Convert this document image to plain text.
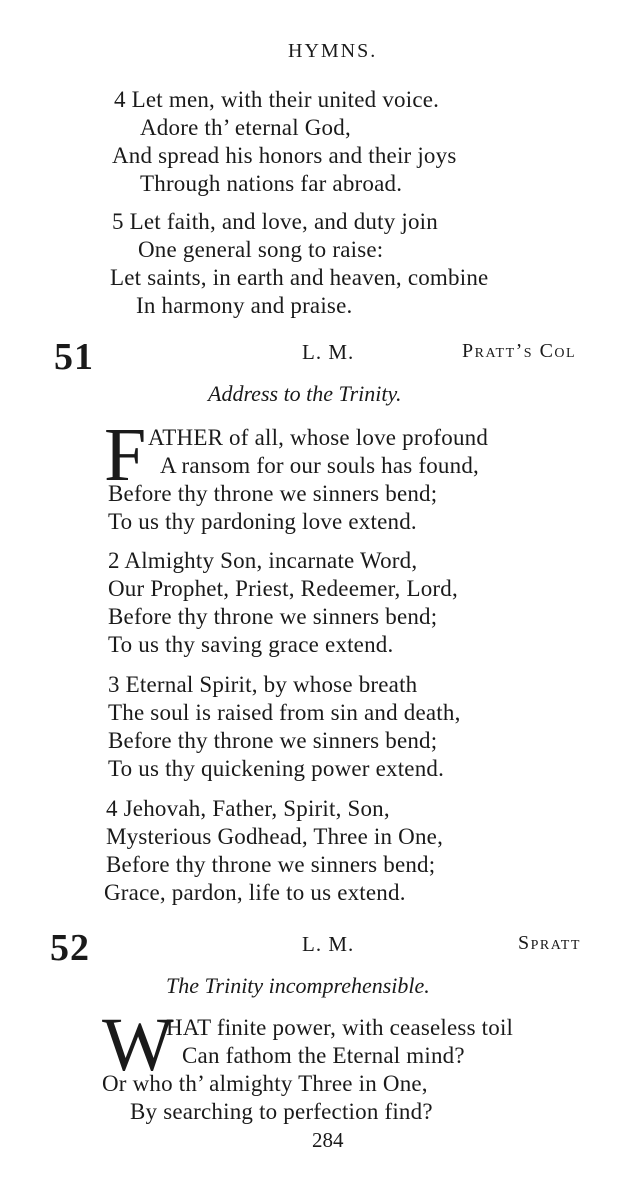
HYMNS.
4 Let men, with their united voice.
Adore th’ eternal God,
And spread his honors and their joys
Through nations far abroad.
5 Let faith, and love, and duty join
One general song to raise:
Let saints, in earth and heaven, combine
In harmony and praise.
51	L. M.	Pratt’s Col
Address to the Trinity.
F ATHER of all, whose love profound
A ransom for our souls has found,
Before thy throne we sinners bend;
To us thy pardoning love extend.
2 Almighty Son, incarnate Word,
Our Prophet, Priest, Redeemer, Lord,
Before thy throne we sinners bend;
To us thy saving grace extend.
3 Eternal Spirit, by whose breath
The soul is raised from sin and death,
Before thy throne we sinners bend;
To us thy quickening power extend.
4 Jehovah, Father, Spirit, Son,
Mysterious Godhead, Three in One,
Before thy throne we sinners bend;
Grace, pardon, life to us extend.
52	L. M.	Spratt
The Trinity incomprehensible.
W
HAT finite power, with ceaseless toil
Can fathom the Eternal mind?
Or who th’ almighty Three in One,
By searching to perfection find?
284
